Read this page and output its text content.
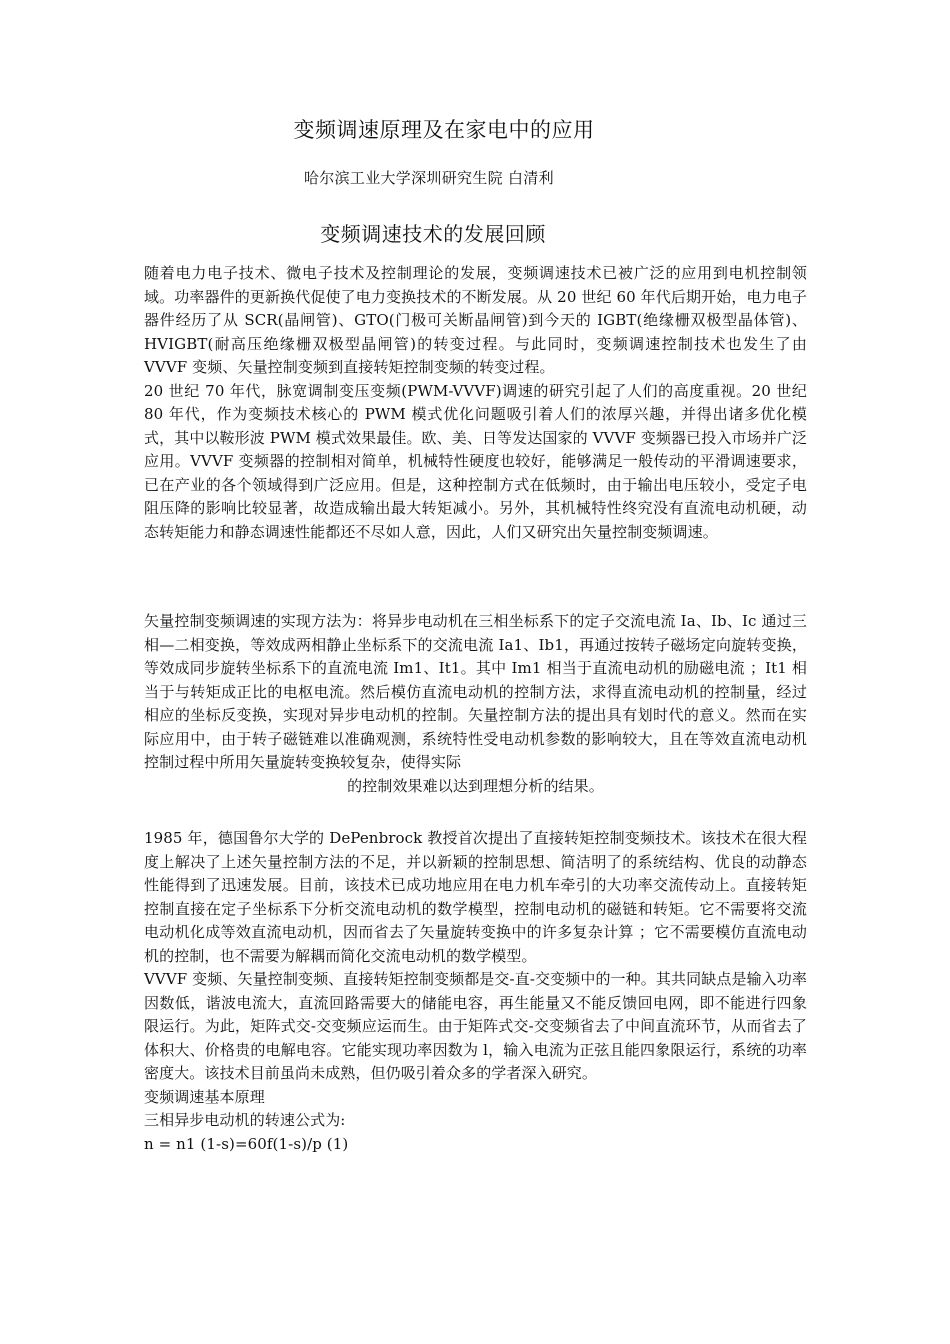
变频调速原理及在家电中的应用
哈尔滨工业大学深圳研究生院 白清利
变频调速技术的发展回顾

随着电力电子技术、微电子技术及控制理论的发展，变频调速技术已被广泛的应用到电机控制领域。功率器件的更新换代促使了电力变换技术的不断发展。从 20 世纪 60 年代后期开始，电力电子器件经历了从 SCR(晶闸管)、GTO(门极可关断晶闸管)到今天的 IGBT(绝缘栅双极型晶体管)、HVIGBT(耐高压绝缘栅双极型晶闸管)的转变过程。与此同时，变频调速控制技术也发生了由 VVVF 变频、矢量控制变频到直接转矩控制变频的转变过程。

20 世纪 70 年代，脉宽调制变压变频(PWM-VVVF)调速的研究引起了人们的高度重视。20 世纪 80 年代，作为变频技术核心的 PWM 模式优化问题吸引着人们的浓厚兴趣，并得出诸多优化模式，其中以鞍形波 PWM 模式效果最佳。欧、美、日等发达国家的 VVVF 变频器已投入市场并广泛应用。VVVF 变频器的控制相对简单，机械特性硬度也较好，能够满足一般传动的平滑调速要求，已在产业的各个领域得到广泛应用。但是，这种控制方式在低频时，由于输出电压较小，受定子电阻压降的影响比较显著，故造成输出最大转矩减小。另外，其机械特性终究没有直流电动机硬，动态转矩能力和静态调速性能都还不尽如人意，因此，人们又研究出矢量控制变频调速。

矢量控制变频调速的实现方法为：将异步电动机在三相坐标系下的定子交流电流 Ia、Ib、Ic 通过三相—二相变换，等效成两相静止坐标系下的交流电流 Ia1、Ib1，再通过按转子磁场定向旋转变换，等效成同步旋转坐标系下的直流电流 Im1、It1。其中 Im1 相当于直流电动机的励磁电流 ；It1 相当于与转矩成正比的电枢电流。然后模仿直流电动机的控制方法，求得直流电动机的控制量，经过相应的坐标反变换，实现对异步电动机的控制。矢量控制方法的提出具有划时代的意义。然而在实际应用中，由于转子磁链难以准确观测，系统特性受电动机参数的影响较大，且在等效直流电动机控制过程中所用矢量旋转变换较复杂，使得实际

的控制效果难以达到理想分析的结果。

1985 年，德国鲁尔大学的 DePenbrock 教授首次提出了直接转矩控制变频技术。该技术在很大程度上解决了上述矢量控制方法的不足，并以新颖的控制思想、简洁明了的系统结构、优良的动静态性能得到了迅速发展。目前，该技术已成功地应用在电力机车牵引的大功率交流传动上。直接转矩控制直接在定子坐标系下分析交流电动机的数学模型，控制电动机的磁链和转矩。它不需要将交流电动机化成等效直流电动机，因而省去了矢量旋转变换中的许多复杂计算 ；它不需要模仿直流电动机的控制，也不需要为解耦而简化交流电动机的数学模型。

VVVF 变频、矢量控制变频、直接转矩控制变频都是交-直-交变频中的一种。其共同缺点是输入功率因数低，谐波电流大，直流回路需要大的储能电容，再生能量又不能反馈回电网，即不能进行四象限运行。为此，矩阵式交-交变频应运而生。由于矩阵式交-交变频省去了中间直流环节，从而省去了体积大、价格贵的电解电容。它能实现功率因数为 l，输入电流为正弦且能四象限运行，系统的功率密度大。该技术目前虽尚未成熟，但仍吸引着众多的学者深入研究。

变频调速基本原理

三相异步电动机的转速公式为:

n = n1 (1-s)=60f(1-s)/p (1)
